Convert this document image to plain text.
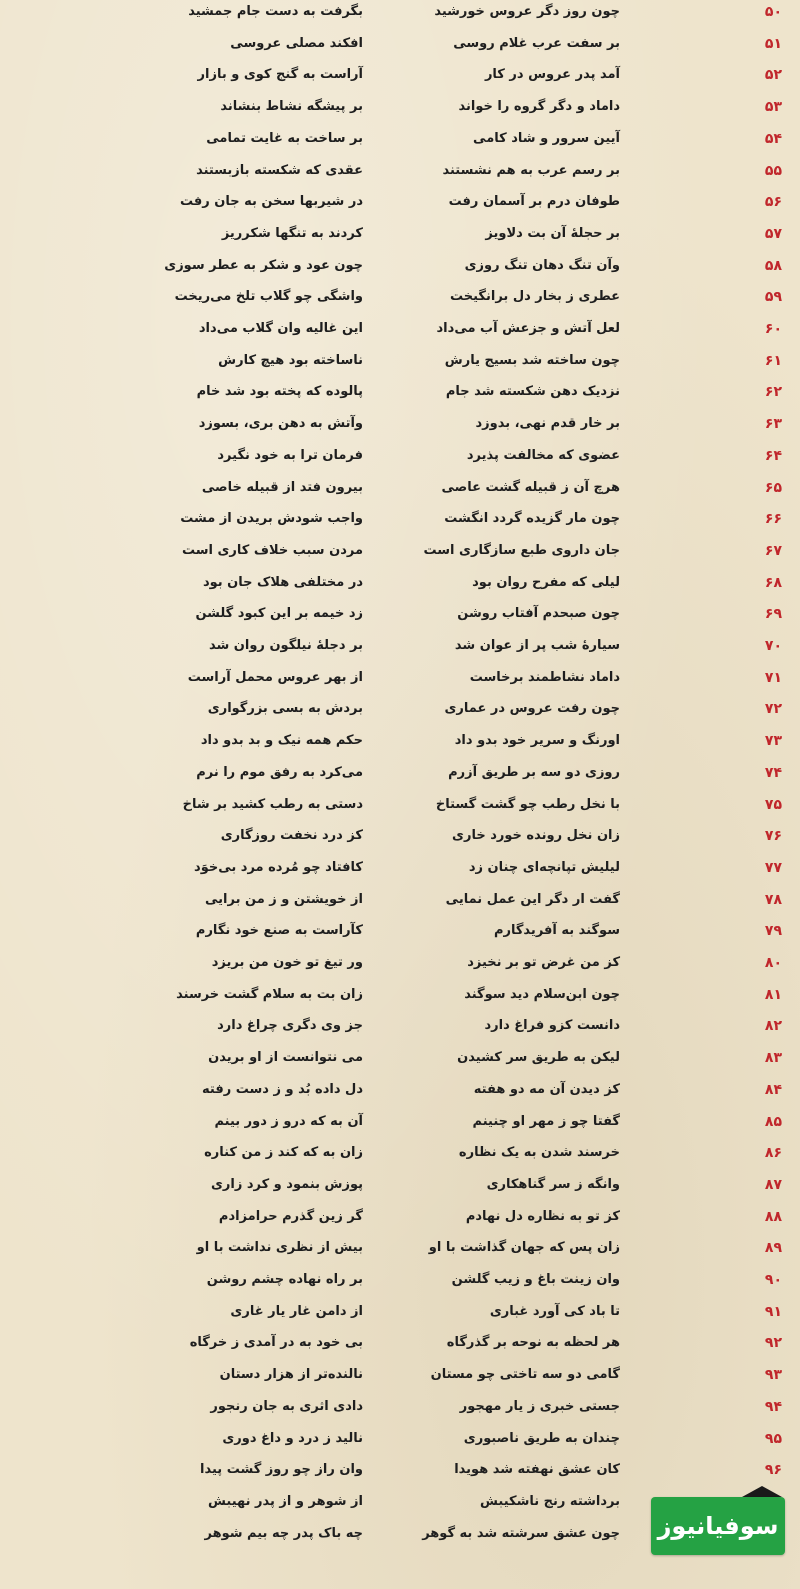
۵۰
چون روز دگر عروس خورشید
بگرفت به دست جام جمشید
۵۱
بر سفت عرب غلام روسی
افکند مصلی عروسی
۵۲
آمد پدر عروس در کار
آراست به گنج کوی و بازار
۵۳
داماد و دگر گروه را خواند
بر پیشگه نشاط بنشاند
۵۴
آیین سرور و شاد کامی
بر ساخت به غایت تمامی
۵۵
بر رسم عرب به هم نشستند
عقدی که شکسته بازبستند
۵۶
طوفان درم بر آسمان رفت
در شیربها سخن به جان رفت
۵۷
بر حجلهٔ آن بت دلاویز
کردند به تنگها شکرریز
۵۸
وآن تنگ دهان تنگ روزی
چون عود و شکر به عطر سوزی
۵۹
عطری ز بخار دل برانگیخت
واشگی چو گلاب تلخ می‌ریخت
۶۰
لعل آتش و جزعش آب می‌داد
این غالیه وان گلاب می‌داد
۶۱
چون ساخته شد بسیج یارش
ناساخته بود هیچ کارش
۶۲
نزدیک دهن شکسته شد جام
پالوده که پخته بود شد خام
۶۳
بر خار قدم نهی، بدوزد
وآتش به دهن بری، بسوزد
۶۴
عضوی که مخالفت پذیرد
فرمان ترا به خود نگیرد
۶۵
هرچ آن ز قبیله گشت عاصی
بیرون فتد از قبیله خاصی
۶۶
چون مار گزیده گردد انگشت
واجب شودش بریدن از مشت
۶۷
جان داروی طبع سازگاری است
مردن سبب خلاف کاری است
۶۸
لیلی که مفرح روان بود
در مختلفی هلاک جان بود
۶۹
چون صبحدم آفتاب روشن
زد خیمه بر این کبود گلشن
۷۰
سیارهٔ شب پر از عوان شد
بر دجلهٔ نیلگون روان شد
۷۱
داماد نشاطمند برخاست
از بهر عروس محمل آراست
۷۲
چون رفت عروس در عماری
بردش به بسی بزرگواری
۷۳
اورنگ و سریر خود بدو داد
حکم همه نیک و بد بدو داد
۷۴
روزی دو سه بر طریق آزرم
می‌کرد به رفق موم را نرم
۷۵
با نخل رطب چو گشت گستاخ
دستی به رطب کشید بر شاخ
۷۶
زان نخل رونده خورد خاری
کز درد نخفت روزگاری
۷۷
لیلیش تپانچه‌ای چنان زد
کافتاد چو مُرده مرد بی‌خوَد
۷۸
گفت ار دگر این عمل نمایی
از خویشتن و ز من برایی
۷۹
سوگند به آفریدگارم
کآراست به صنع خود نگارم
۸۰
کز من غرض تو بر نخیزد
ور تیغ تو خون من بریزد
۸۱
چون ابن‌سلام دید سوگند
زان بت به سلام گشت خرسند
۸۲
دانست کزو فراغ دارد
جز وی دگری چراغ دارد
۸۳
لیکن به طریق سر کشیدن
می نتوانست از او بریدن
۸۴
کز دیدن آن مه دو هفته
دل داده بُد و ز دست رفته
۸۵
گفتا چو ز مهر او چنینم
آن به که درو ز دور بینم
۸۶
خرسند شدن به یک نظاره
زان به که کند ز من کناره
۸۷
وانگه ز سر گناهکاری
پوزش بنمود و کرد زاری
۸۸
کز تو به نظاره دل نهادم
گر زین گذرم حرامزادم
۸۹
زان پس که جهان گذاشت با او
بیش از نظری نداشت با او
۹۰
وان زینت باغ و زیب گلشن
بر راه نهاده چشم روشن
۹۱
تا باد کی آورد غباری
از دامن غار یار غاری
۹۲
هر لحظه به نوحه بر گذرگاه
بی خود به در آمدی ز خرگاه
۹۳
گامی دو سه تاختی چو مستان
نالنده‌تر از هزار دستان
۹۴
جستی خبری ز یار مهجور
دادی اثری به جان رنجور
۹۵
چندان به طریق ناصبوری
نالید ز درد و داغ دوری
۹۶
کان عشق نهفته شد هویدا
وان راز چو روز گشت پیدا
برداشته رنج ناشکیبش
از شوهر و از پدر نهیبش
چون عشق سرشته شد به گوهر
چه باک پدر چه بیم شوهر	سوفیانیوز
